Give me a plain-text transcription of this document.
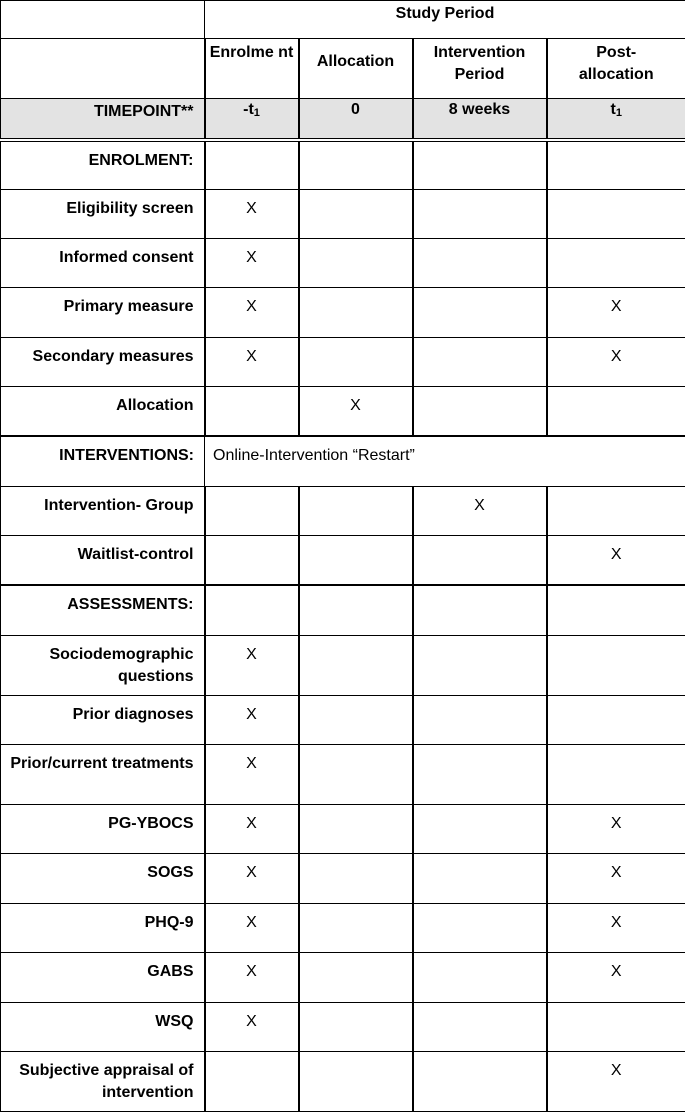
	Study Period			
	Enrolme nt	Allocation	Intervention Period	Post-allocation
TIMEPOINT**	$-t_1$	0	8 weeks	$t_1$
ENROLMENT:				
Eligibility screen	X			
Informed consent	X			
Primary measure	X			X
Secondary measures	X			X
Allocation		X		
INTERVENTIONS:	Online-Intervention “Restart”			
Intervention- Group			X	
Waitlist-control				X
ASSESSMENTS:				
Sociodemographic questions	X			
Prior diagnoses	X			
Prior/current treatments	X			
PG-YBOCS	X			X
SOGS	X			X
PHQ-9	X			X
GABS	X			X
WSQ	X			
Subjective appraisal of intervention				X
